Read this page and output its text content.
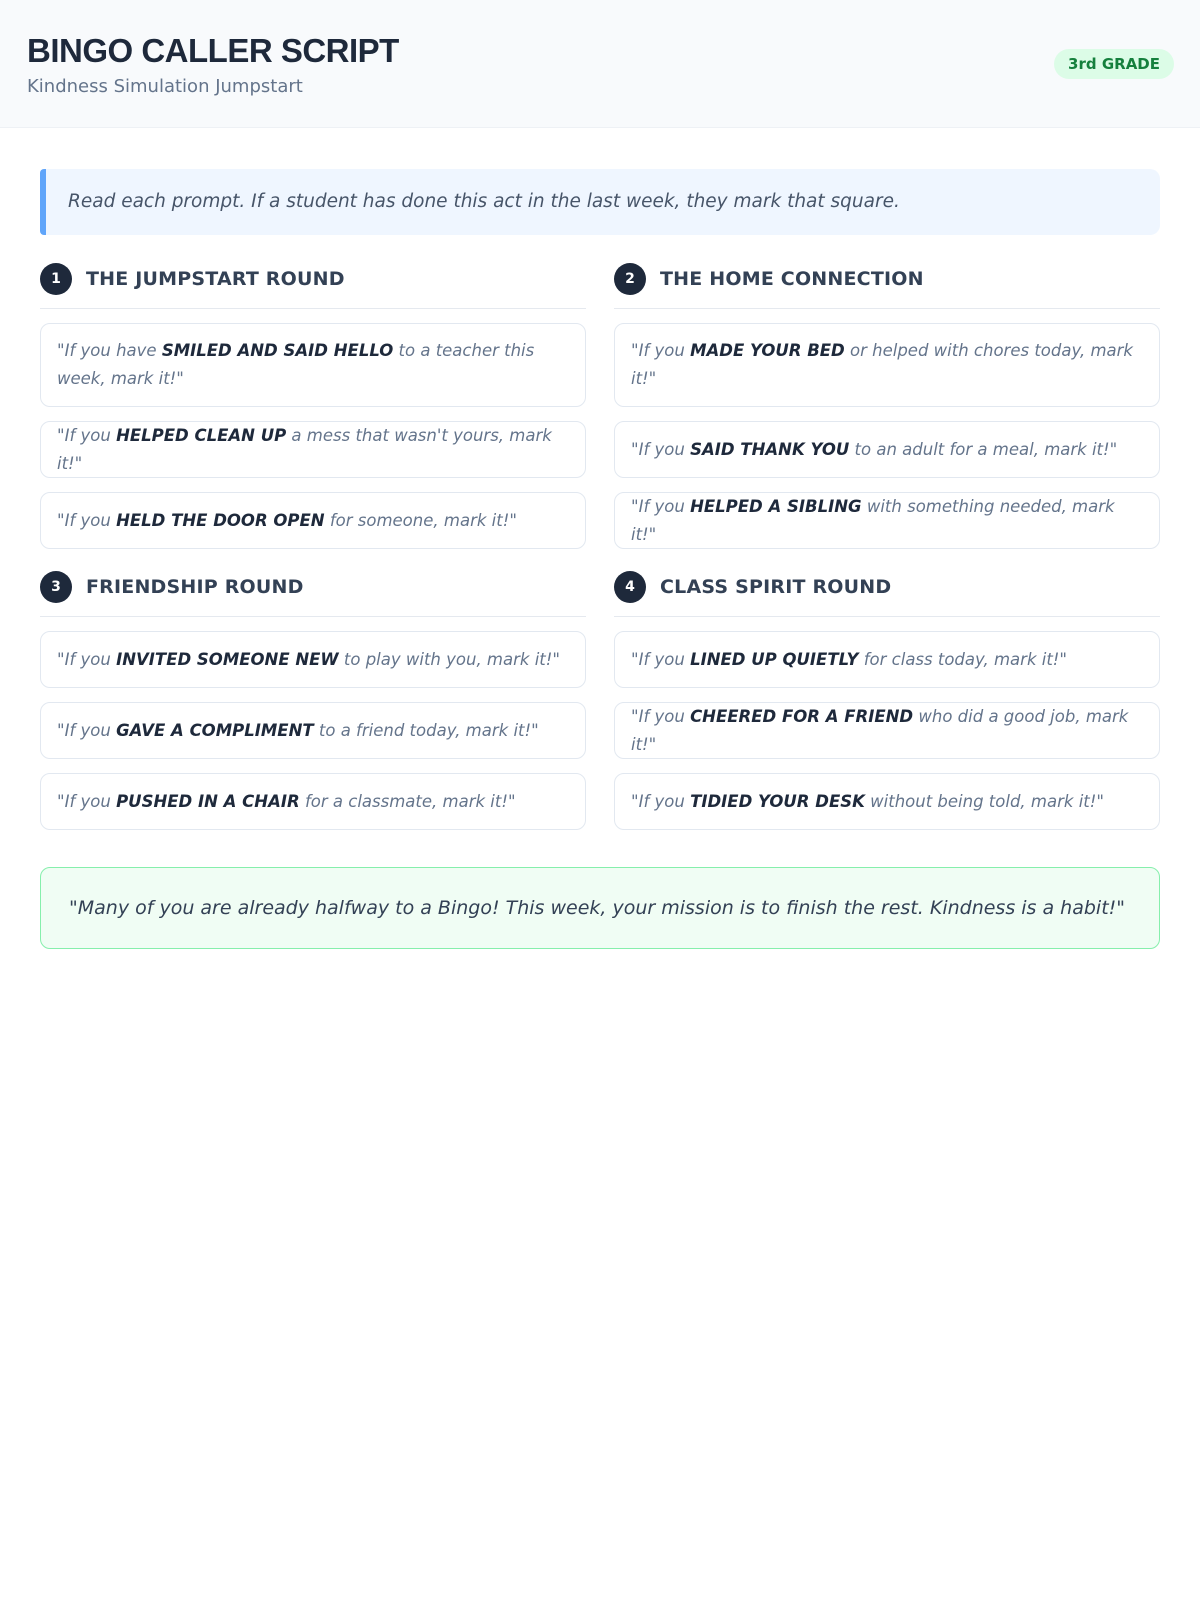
BINGO CALLER SCRIPT
Kindness Simulation Jumpstart
3rd GRADE
Read each prompt. If a student has done this act in the last week, they mark that square.
1	THE JUMPSTART ROUND
"If you have SMILED AND SAID HELLO to a teacher this week, mark it!"
"If you HELPED CLEAN UP a mess that wasn't yours, mark it!"
"If you HELD THE DOOR OPEN for someone, mark it!"
2	THE HOME CONNECTION
"If you MADE YOUR BED or helped with chores today, mark it!"
"If you SAID THANK YOU to an adult for a meal, mark it!"
"If you HELPED A SIBLING with something needed, mark it!"
3	FRIENDSHIP ROUND
"If you INVITED SOMEONE NEW to play with you, mark it!"
"If you GAVE A COMPLIMENT to a friend today, mark it!"
"If you PUSHED IN A CHAIR for a classmate, mark it!"
4	CLASS SPIRIT ROUND
"If you LINED UP QUIETLY for class today, mark it!"
"If you CHEERED FOR A FRIEND who did a good job, mark it!"
"If you TIDIED YOUR DESK without being told, mark it!"
"Many of you are already halfway to a Bingo! This week, your mission is to finish the rest. Kindness is a habit!"
